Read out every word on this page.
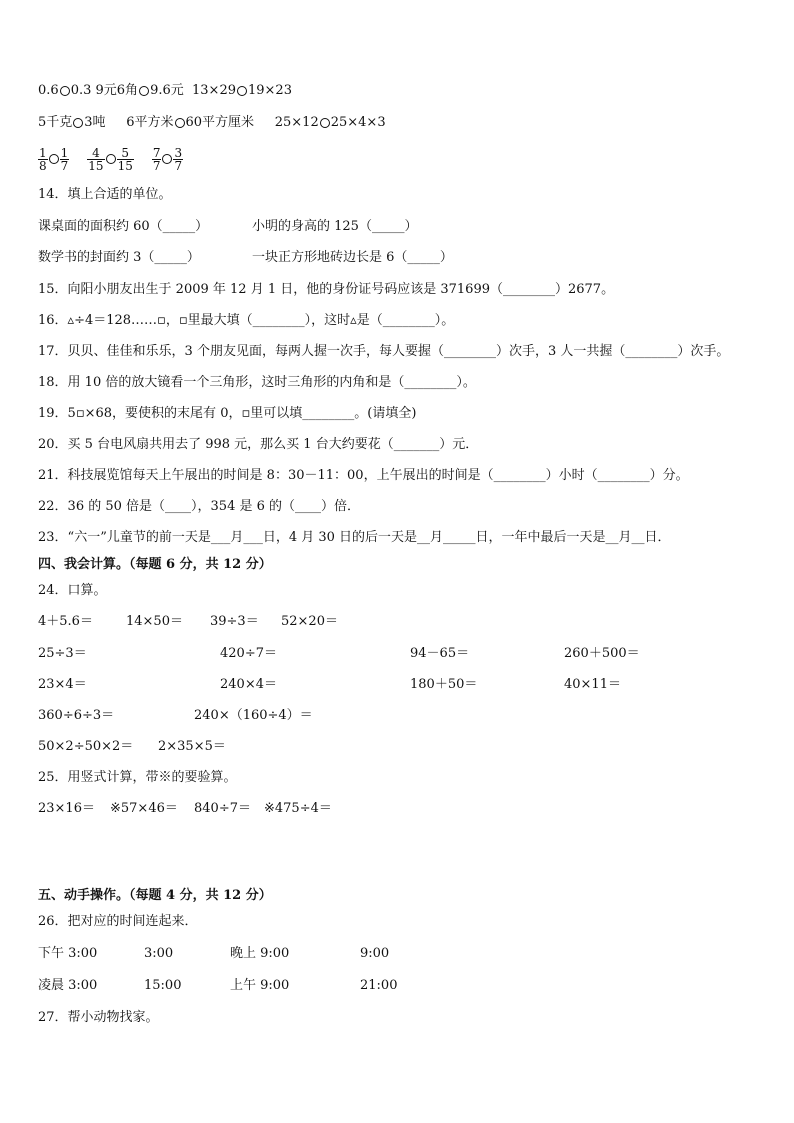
0.6 0.3 9元6角 9.6元 13×29 19×23
5千克 3吨 6平方米 60平方厘米 25×12 25×4×3
$\frac{1}{8} \frac{1}{7} \frac{4}{15} \frac{5}{15} \frac{7}{7} \frac{3}{7}$
14．填上合适的单位。
课桌面的面积约 60（_____）	小明的身高的 125（_____）
数学书的封面约 3（_____）	一块正方形地砖边长是 6（_____）
15．向阳小朋友出生于 2009 年 12 月 1 日，他的身份证号码应该是 371699（________）2677。
16．▵÷4＝128……▫，▫里最大填（________），这时▵是（________）。
17．贝贝、佳佳和乐乐，3 个朋友见面，每两人握一次手，每人要握（________）次手，3 人一共握（________）次手。
18．用 10 倍的放大镜看一个三角形，这时三角形的内角和是（________）。
19．5▫×68，要使积的末尾有 0，▫里可以填________。(请填全)
20．买 5 台电风扇共用去了 998 元，那么买 1 台大约要花（_______）元．
21．科技展览馆每天上午展出的时间是 8：30－11：00，上午展出的时间是（________）小时（________）分。
22．36 的 50 倍是（____），354 是 6 的（____）倍．
23．“六一”儿童节的前一天是___月___日，4 月 30 日的后一天是__月_____日，一年中最后一天是__月__日．
四、我会计算。（每题 6 分，共 12 分）
24．口算。
4＋5.6＝	14×50＝ 39÷3＝ 52×20＝
25÷3＝	420÷7＝	94－65＝	260＋500＝
23×4＝	240×4＝	180＋50＝	40×11＝
360÷6÷3＝	240×（160÷4）＝
50×2÷50×2＝ 2×35×5＝
25．用竖式计算，带※的要验算。
23×16＝ ※57×46＝ 840÷7＝ ※475÷4＝
五、动手操作。（每题 4 分，共 12 分）
26．把对应的时间连起来．
下午 3:00	3:00	晚上 9:00	9:00
凌晨 3:00	15:00	上午 9:00	21:00
27．帮小动物找家。
